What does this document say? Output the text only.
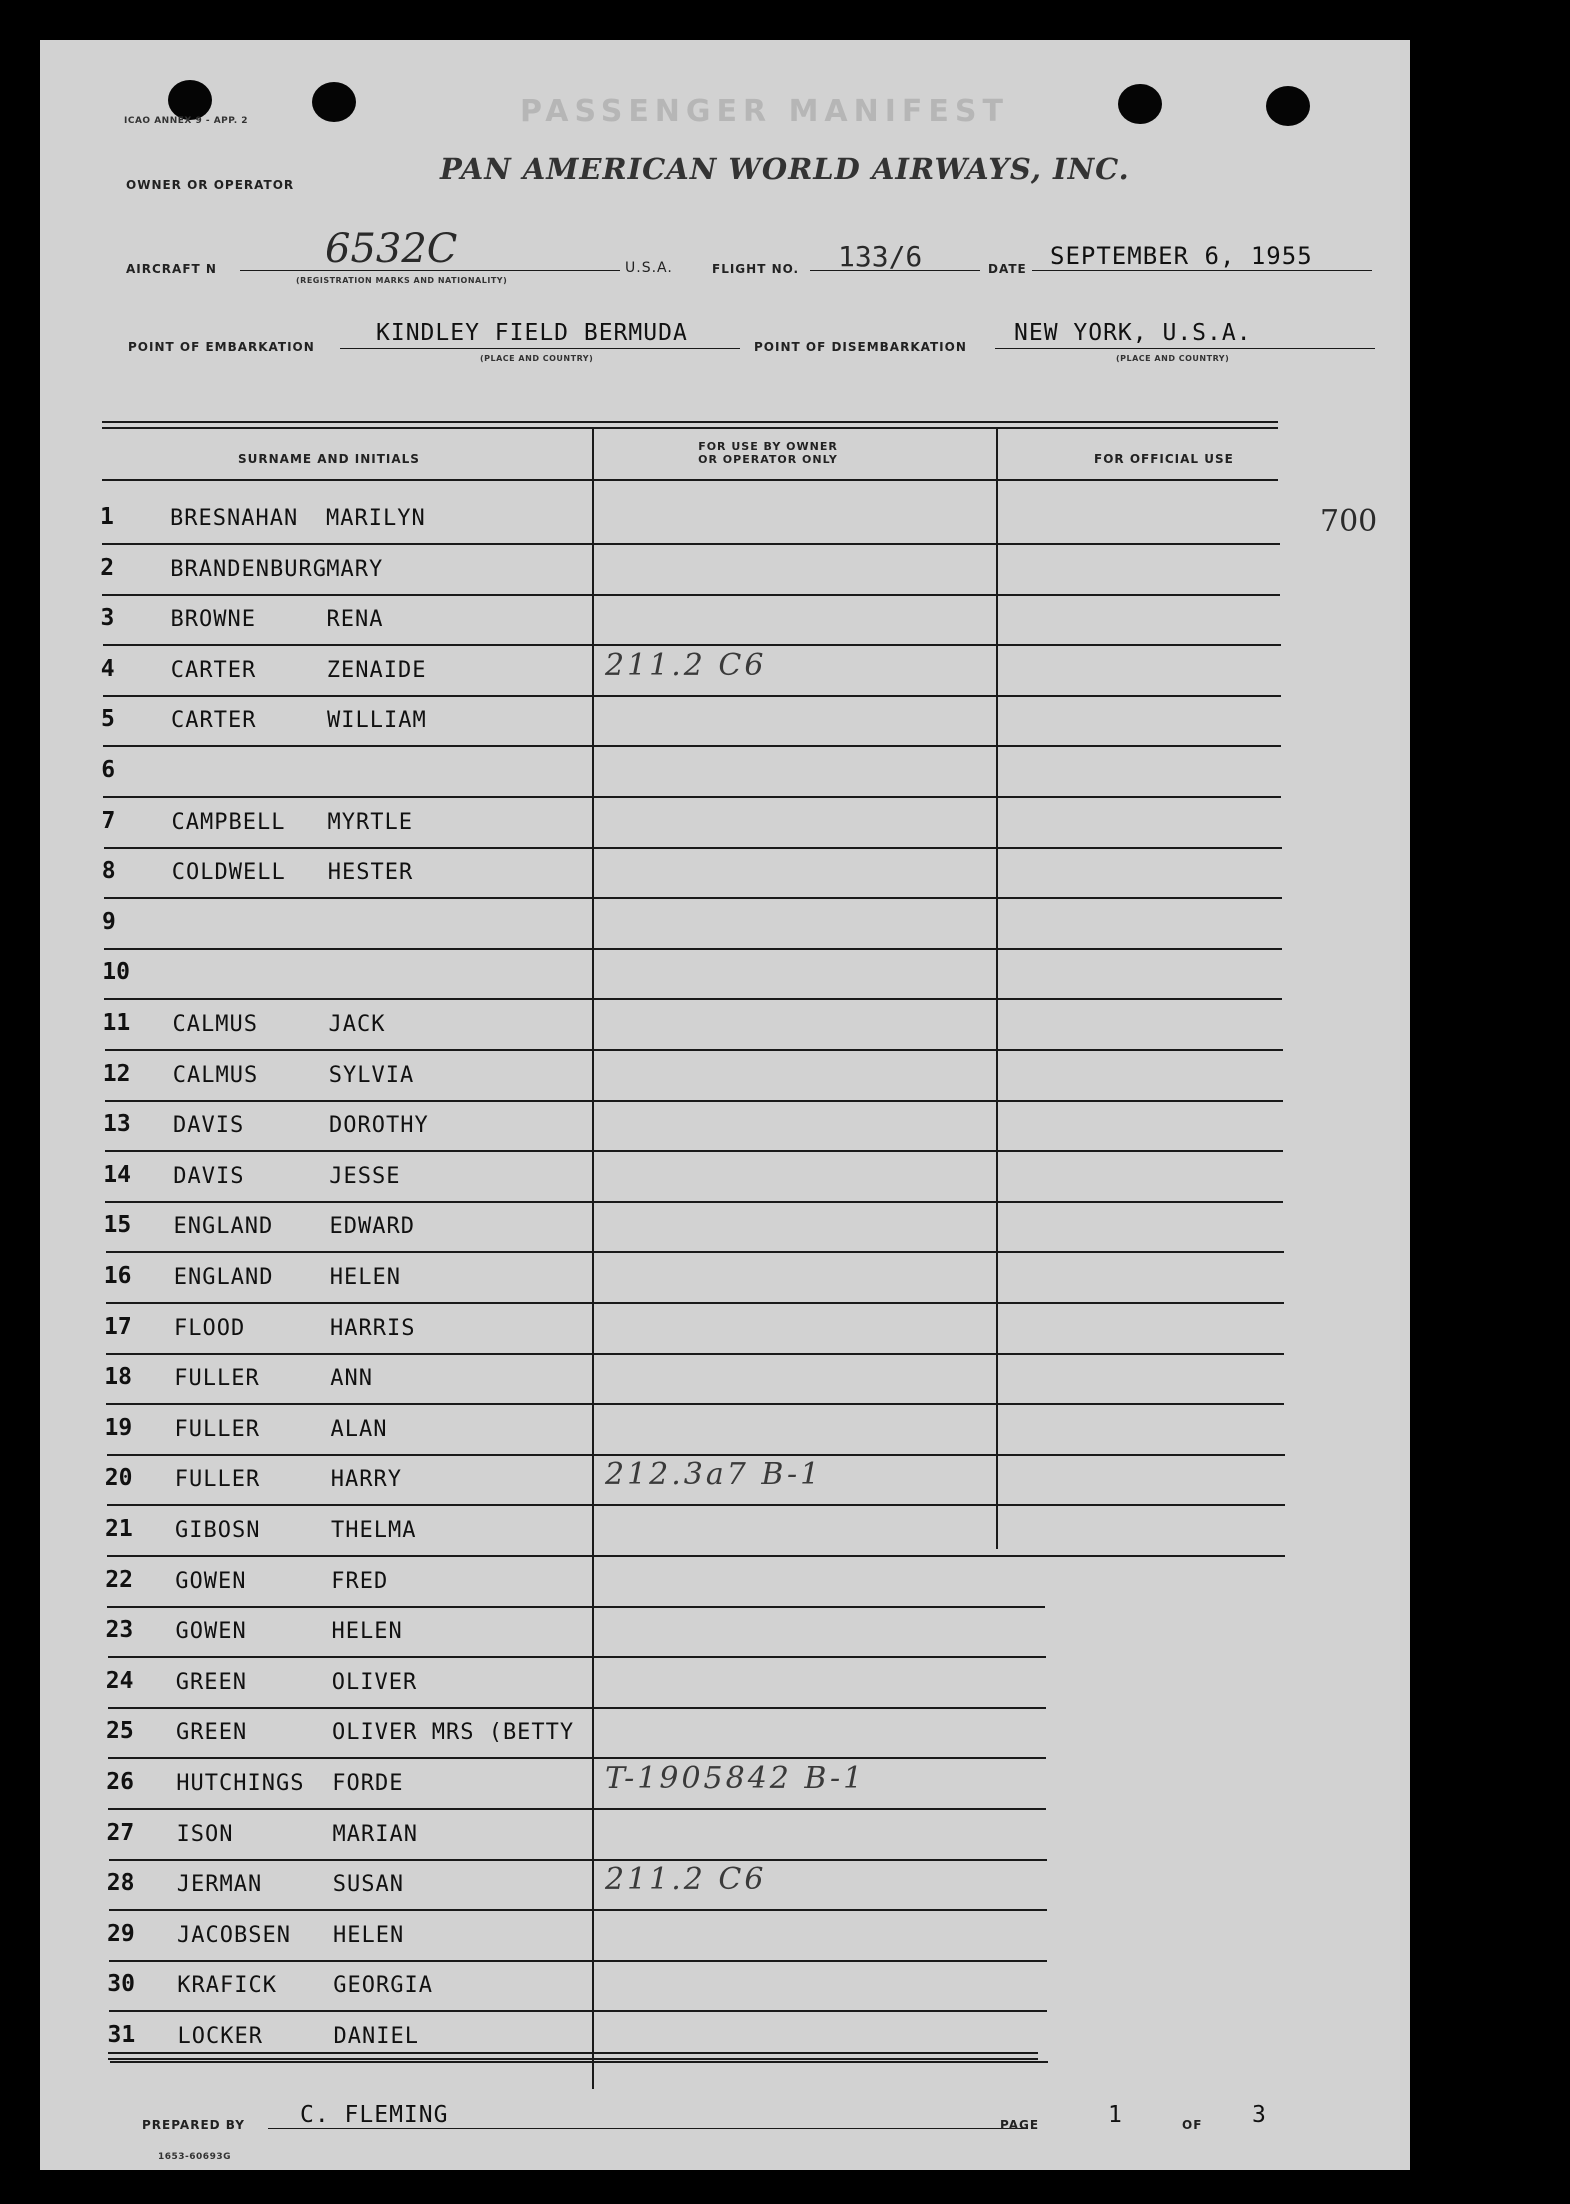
ICAO ANNEX 9 - APP. 2	PASSENGER MANIFEST
OWNER OR OPERATOR	PAN AMERICAN WORLD AIRWAYS, INC.
AIRCRAFT N	6532C
(REGISTRATION MARKS AND NATIONALITY)
U.S.A.	FLIGHT NO. 133/6	DATE SEPTEMBER 6, 1955
POINT OF EMBARKATION
KINDLEY FIELD BERMUDA
(PLACE AND COUNTRY)
POINT OF DISEMBARKATION
NEW YORK, U.S.A.
(PLACE AND COUNTRY)
SURNAME AND INITIALS
FOR USE BY OWNER OR OPERATOR ONLY	FOR OFFICIAL USE
700
1	BRESNAHAN MARILYN
2	BRANDENBURG MARY
3	BROWNE	RENA
4	CARTER	ZENAIDE	211.2 C6
5	CARTER	WILLIAM
6
7	CAMPBELL MYRTLE
8	COLDWELL HESTER
9
10
11 CALMUS	JACK
12 CALMUS	SYLVIA
13 DAVIS	DOROTHY
14 DAVIS	JESSE
15 ENGLAND	EDWARD
16 ENGLAND	HELEN
17 FLOOD	HARRIS
18 FULLER	ANN
19 FULLER	ALAN
20 FULLER	HARRY	212.3a7 B-1
21 GIBOSN	THELMA
22 GOWEN	FRED
23 GOWEN	HELEN
24 GREEN	OLIVER
25 GREEN	OLIVER MRS (BETTY
26 HUTCHINGS FORDE	T-1905842 B-1
27 ISON	MARIAN
28 JERMAN	SUSAN	211.2 C6
29 JACOBSEN HELEN
30 KRAFICK	GEORGIA
31 LOCKER	DANIEL
PREPARED BY C. FLEMING	PAGE	1	OF 3
1653-60693G
